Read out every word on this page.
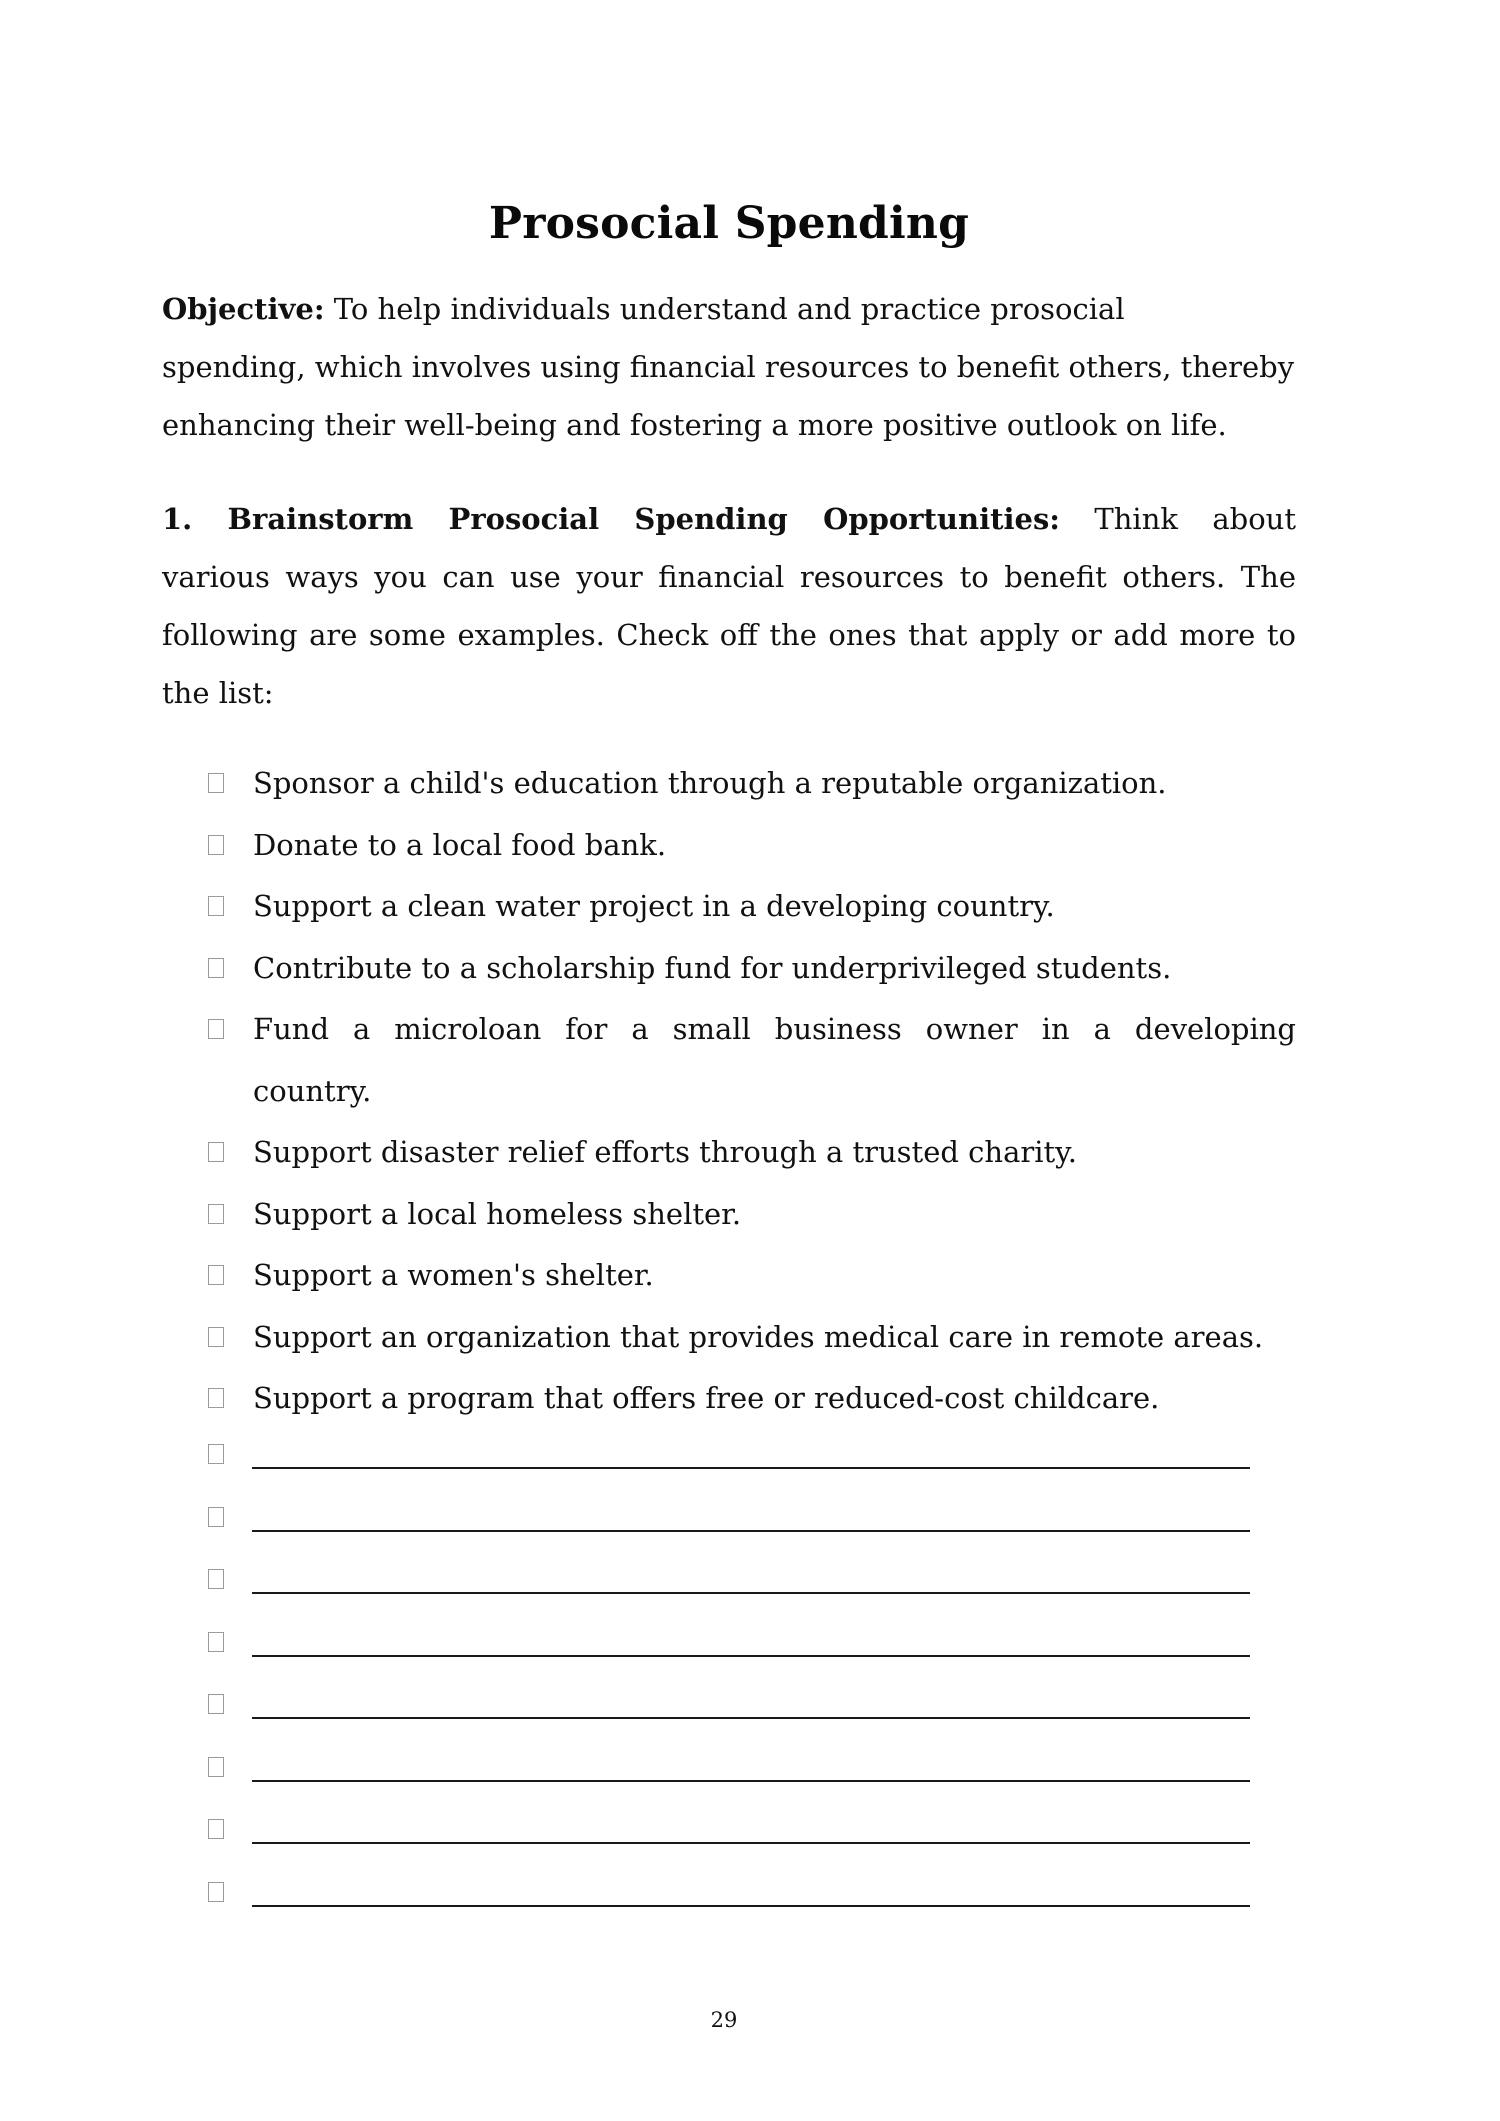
Prosocial Spending
Objective: To help individuals understand and practice prosocial
spending, which involves using financial resources to benefit others, thereby
enhancing their well-being and fostering a more positive outlook on life.
1. Brainstorm Prosocial Spending Opportunities: Think about
various ways you can use your financial resources to benefit others. The
following are some examples. Check off the ones that apply or add more to
the list:
Sponsor a child's education through a reputable organization.
Donate to a local food bank.
Support a clean water project in a developing country.
Contribute to a scholarship fund for underprivileged students.
Fund a microloan for a small business owner in a developing
country.
Support disaster relief efforts through a trusted charity.
Support a local homeless shelter.
Support a women's shelter.
Support an organization that provides medical care in remote areas.
Support a program that offers free or reduced-cost childcare.
29
